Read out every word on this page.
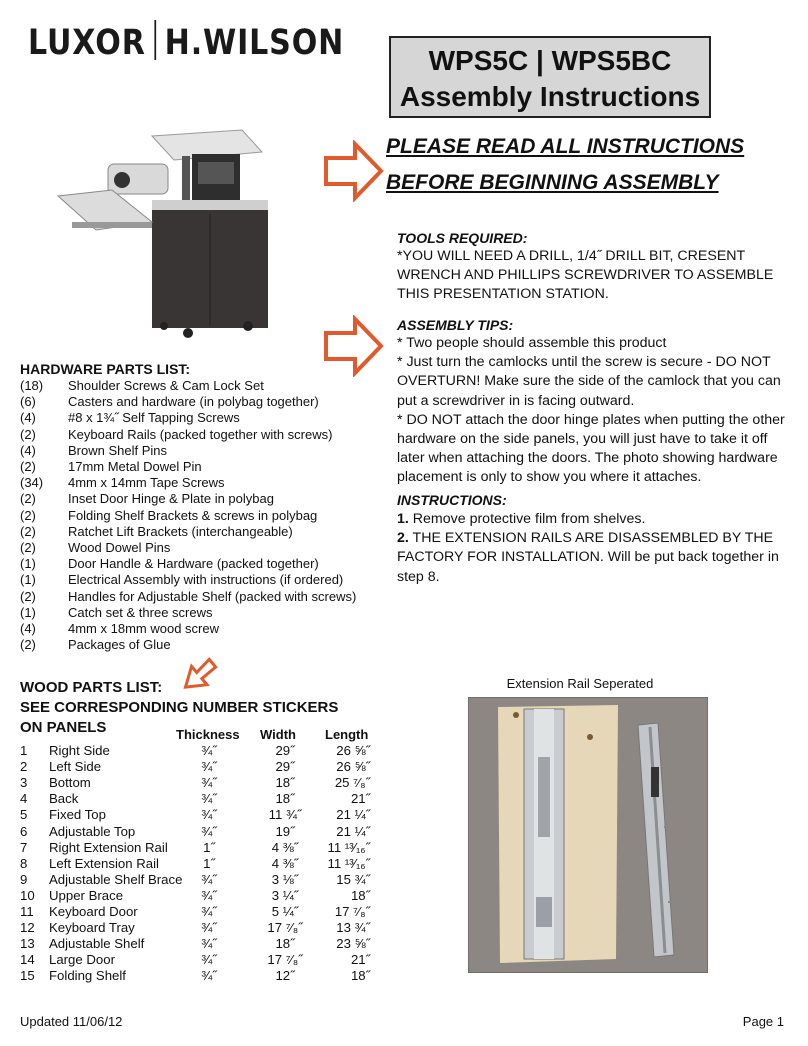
LUXOR H.WILSON	WPS5C | WPS5BC
Assembly Instructions
PLEASE READ ALL INSTRUCTIONS
BEFORE BEGINNING ASSEMBLY
TOOLS REQUIRED:
*YOU WILL NEED A DRILL, 1/4˝ DRILL BIT, CRESENT WRENCH AND PHILLIPS SCREWDRIVER TO ASSEMBLE THIS PRESENTATION STATION.
ASSEMBLY TIPS:
* Two people should assemble this product
* Just turn the camlocks until the screw is secure - DO NOT OVERTURN! Make sure the side of the camlock that you can put a screwdriver in is facing outward.
* DO NOT attach the door hinge plates when putting the other hardware on the side panels, you will just have to take it off later when attaching the doors. The photo showing hardware placement is only to show you where it attaches.
INSTRUCTIONS:
1. Remove protective film from shelves.
2. THE EXTENSION RAILS ARE DISASSEMBLED BY THE FACTORY FOR INSTALLATION. Will be put back together in step 8.
HARDWARE PARTS LIST:
(18) Shoulder Screws & Cam Lock Set
(6) Casters and hardware (in polybag together)
(4) #8 x 1¾˝ Self Tapping Screws
(2) Keyboard Rails (packed together with screws)
(4) Brown Shelf Pins
(2) 17mm Metal Dowel Pin
(34) 4mm x 14mm Tape Screws
(2) Inset Door Hinge & Plate in polybag
(2) Folding Shelf Brackets & screws in polybag
(2) Ratchet Lift Brackets (interchangeable)
(2) Wood Dowel Pins
(1) Door Handle & Hardware (packed together)
(1) Electrical Assembly with instructions (if ordered)
(2) Handles for Adjustable Shelf (packed with screws)
(1) Catch set & three screws
(4) 4mm x 18mm wood screw
(2) Packages of Glue
WOOD PARTS LIST:
SEE CORRESPONDING NUMBER STICKERS
ON PANELS	Thickness Width Length
1	Right Side	¾˝	29˝	26 ⅝˝
2	Left Side	¾˝	29˝	26 ⅝˝
3	Bottom	¾˝	18˝	25 ⁷⁄₈˝
4	Back	¾˝	18˝	21˝
5	Fixed Top	¾˝	11 ¾˝	21 ¼˝
6	Adjustable Top	¾˝	19˝	21 ¼˝
7	Right Extension Rail	1˝	4 ⅜˝	11 ¹³⁄₁₆˝
8	Left Extension Rail	1˝	4 ⅜˝	11 ¹³⁄₁₆˝
9	Adjustable Shelf Brace	¾˝	3 ⅛˝	15 ¾˝
10 Upper Brace	¾˝	3 ¼˝	18˝
11	Keyboard Door	¾˝	5 ¼˝	17 ⁷⁄₈˝
12 Keyboard Tray	¾˝	17 ⁷⁄₈˝	13 ¾˝
13 Adjustable Shelf	¾˝	18˝	23 ⅝˝
14 Large Door	¾˝	17 ⁷⁄₈˝	21˝
15 Folding Shelf	¾˝	12˝	18˝
Extension Rail Seperated
Updated 11/06/12	Page 1
